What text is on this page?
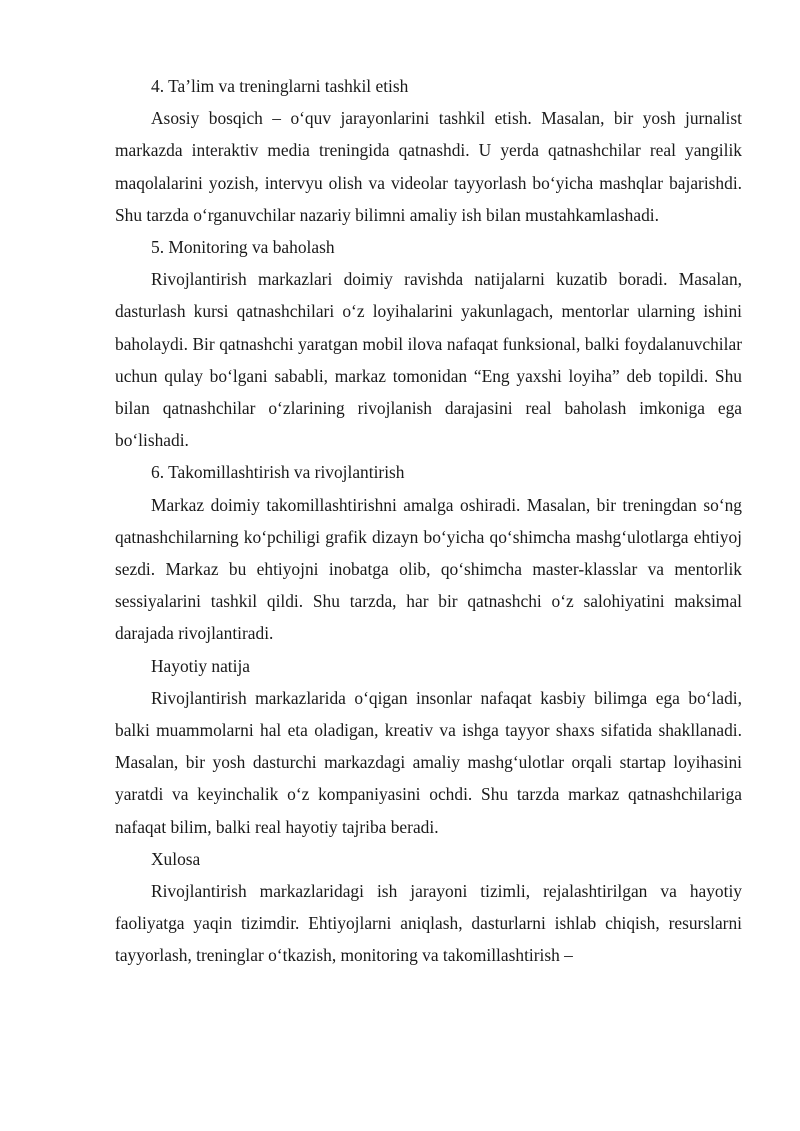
4. Ta’lim va treninglarni tashkil etish

Asosiy bosqich – o‘quv jarayonlarini tashkil etish. Masalan, bir yosh jurnalist markazda interaktiv media treningida qatnashdi. U yerda qatnashchilar real yangilik maqolalarini yozish, intervyu olish va videolar tayyorlash bo‘yicha mashqlar bajarishdi. Shu tarzda o‘rganuvchilar nazariy bilimni amaliy ish bilan mustahkamlashadi.

5. Monitoring va baholash

Rivojlantirish markazlari doimiy ravishda natijalarni kuzatib boradi. Masalan, dasturlash kursi qatnashchilari o‘z loyihalarini yakunlagach, mentorlar ularning ishini baholaydi. Bir qatnashchi yaratgan mobil ilova nafaqat funksional, balki foydalanuvchilar uchun qulay bo‘lgani sababli, markaz tomonidan “Eng yaxshi loyiha” deb topildi. Shu bilan qatnashchilar o‘zlarining rivojlanish darajasini real baholash imkoniga ega bo‘lishadi.

6. Takomillashtirish va rivojlantirish

Markaz doimiy takomillashtirishni amalga oshiradi. Masalan, bir treningdan so‘ng qatnashchilarning ko‘pchiligi grafik dizayn bo‘yicha qo‘shimcha mashg‘ulotlarga ehtiyoj sezdi. Markaz bu ehtiyojni inobatga olib, qo‘shimcha master-klasslar va mentorlik sessiyalarini tashkil qildi. Shu tarzda, har bir qatnashchi o‘z salohiyatini maksimal darajada rivojlantiradi.

Hayotiy natija

Rivojlantirish markazlarida o‘qigan insonlar nafaqat kasbiy bilimga ega bo‘ladi, balki muammolarni hal eta oladigan, kreativ va ishga tayyor shaxs sifatida shakllanadi. Masalan, bir yosh dasturchi markazdagi amaliy mashg‘ulotlar orqali startap loyihasini yaratdi va keyinchalik o‘z kompaniyasini ochdi. Shu tarzda markaz qatnashchilariga nafaqat bilim, balki real hayotiy tajriba beradi.

Xulosa

Rivojlantirish markazlaridagi ish jarayoni tizimli, rejalashtirilgan va hayotiy faoliyatga yaqin tizimdir. Ehtiyojlarni aniqlash, dasturlarni ishlab chiqish, resurslarni tayyorlash, treninglar o‘tkazish, monitoring va takomillashtirish –
